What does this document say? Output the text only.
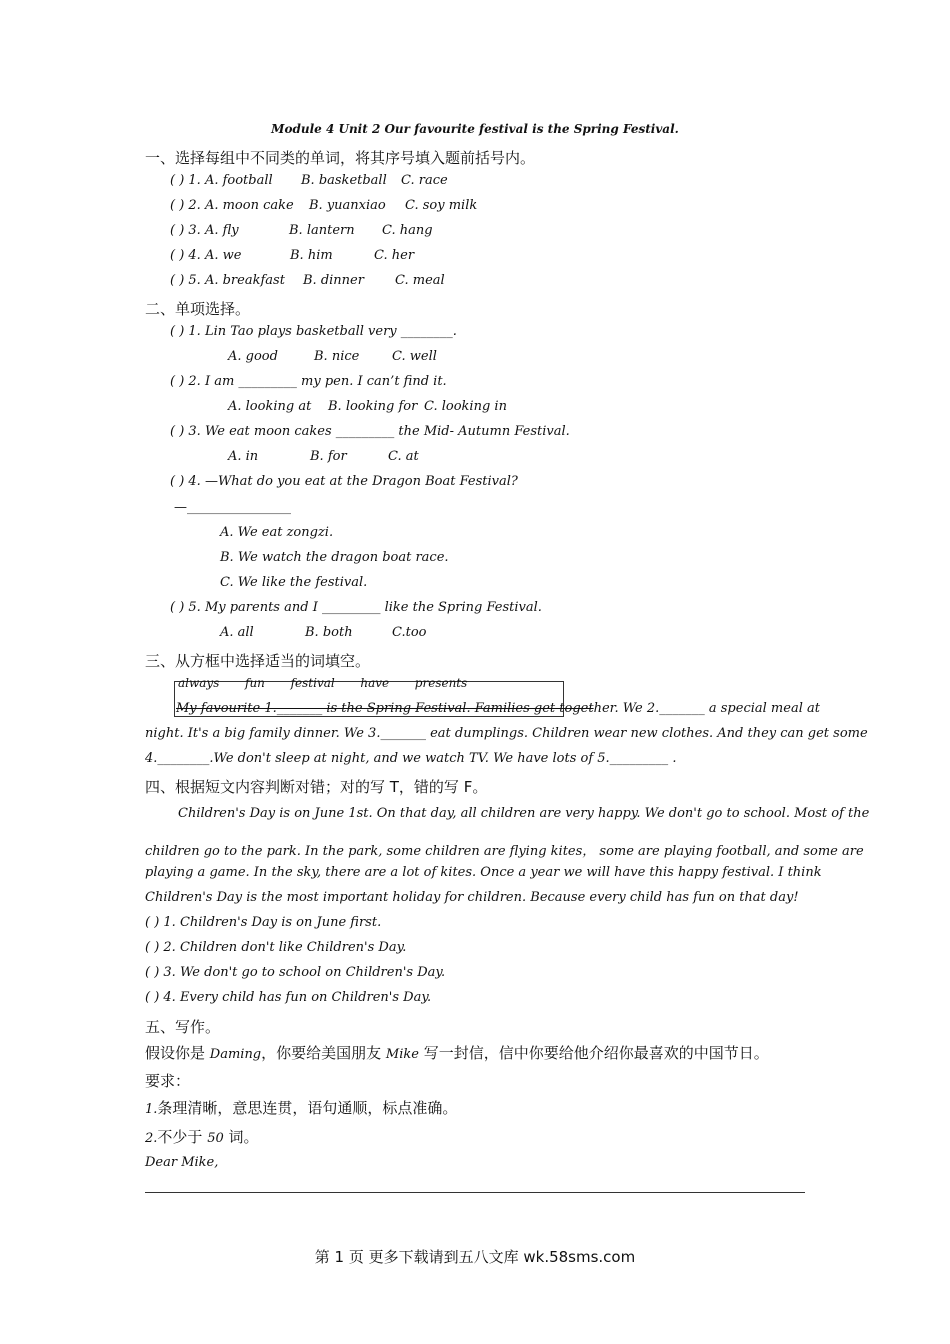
Module 4 Unit 2 Our favourite festival is the Spring Festival.
一、选择每组中不同类的单词，将其序号填入题前括号内。
( ) 1. A. football B. basketball C. race
( ) 2. A. moon cake B. yuanxiao C. soy milk
( ) 3. A. fly	B. lantern C. hang
( ) 4. A. we	B. him	C. her
( ) 5. A. breakfast B. dinner C. meal
二、单项选择。
( ) 1. Lin Tao plays basketball very ________.
A. good	B. nice	C. well
( ) 2. I am _________ my pen. I can’t find it.
A. looking at B. looking for C. looking in
( ) 3. We eat moon cakes _________ the Mid- Autumn Festival.
A. in	B. for	C. at
( ) 4. —What do you eat at the Dragon Boat Festival?
—________________
A. We eat zongzi.
B. We watch the dragon boat race.
C. We like the festival.
( ) 5. My parents and I _________ like the Spring Festival.
A. all	B. both	C.too
三、从方框中选择适当的词填空。
always fun festival have presents
My favourite 1._______ is the Spring Festival. Families get together. We 2._______ a special meal at
night. It's a big family dinner. We 3._______ eat dumplings. Children wear new clothes. And they can get some
4.________.We don't sleep at night, and we watch TV. We have lots of 5._________ .
四、根据短文内容判断对错；对的写 T，错的写 F。
Children's Day is on June 1st. On that day, all children are very happy. We don't go to school. Most of the
children go to the park. In the park, some children are flying kites， some are playing football, and some are
playing a game. In the sky, there are a lot of kites. Once a year we will have this happy festival. I think
Children's Day is the most important holiday for children. Because every child has fun on that day!
( ) 1. Children's Day is on June first.
( ) 2. Children don't like Children's Day.
( ) 3. We don't go to school on Children's Day.
( ) 4. Every child has fun on Children's Day.
五、写作。
假设你是 Daming，你要给美国朋友 Mike 写一封信，信中你要给他介绍你最喜欢的中国节日。
要求：
1.条理清晰，意思连贯，语句通顺，标点准确。
2.不少于 50 词。
Dear Mike,
第 1 页 更多下载请到五八文库 wk.58sms.com
